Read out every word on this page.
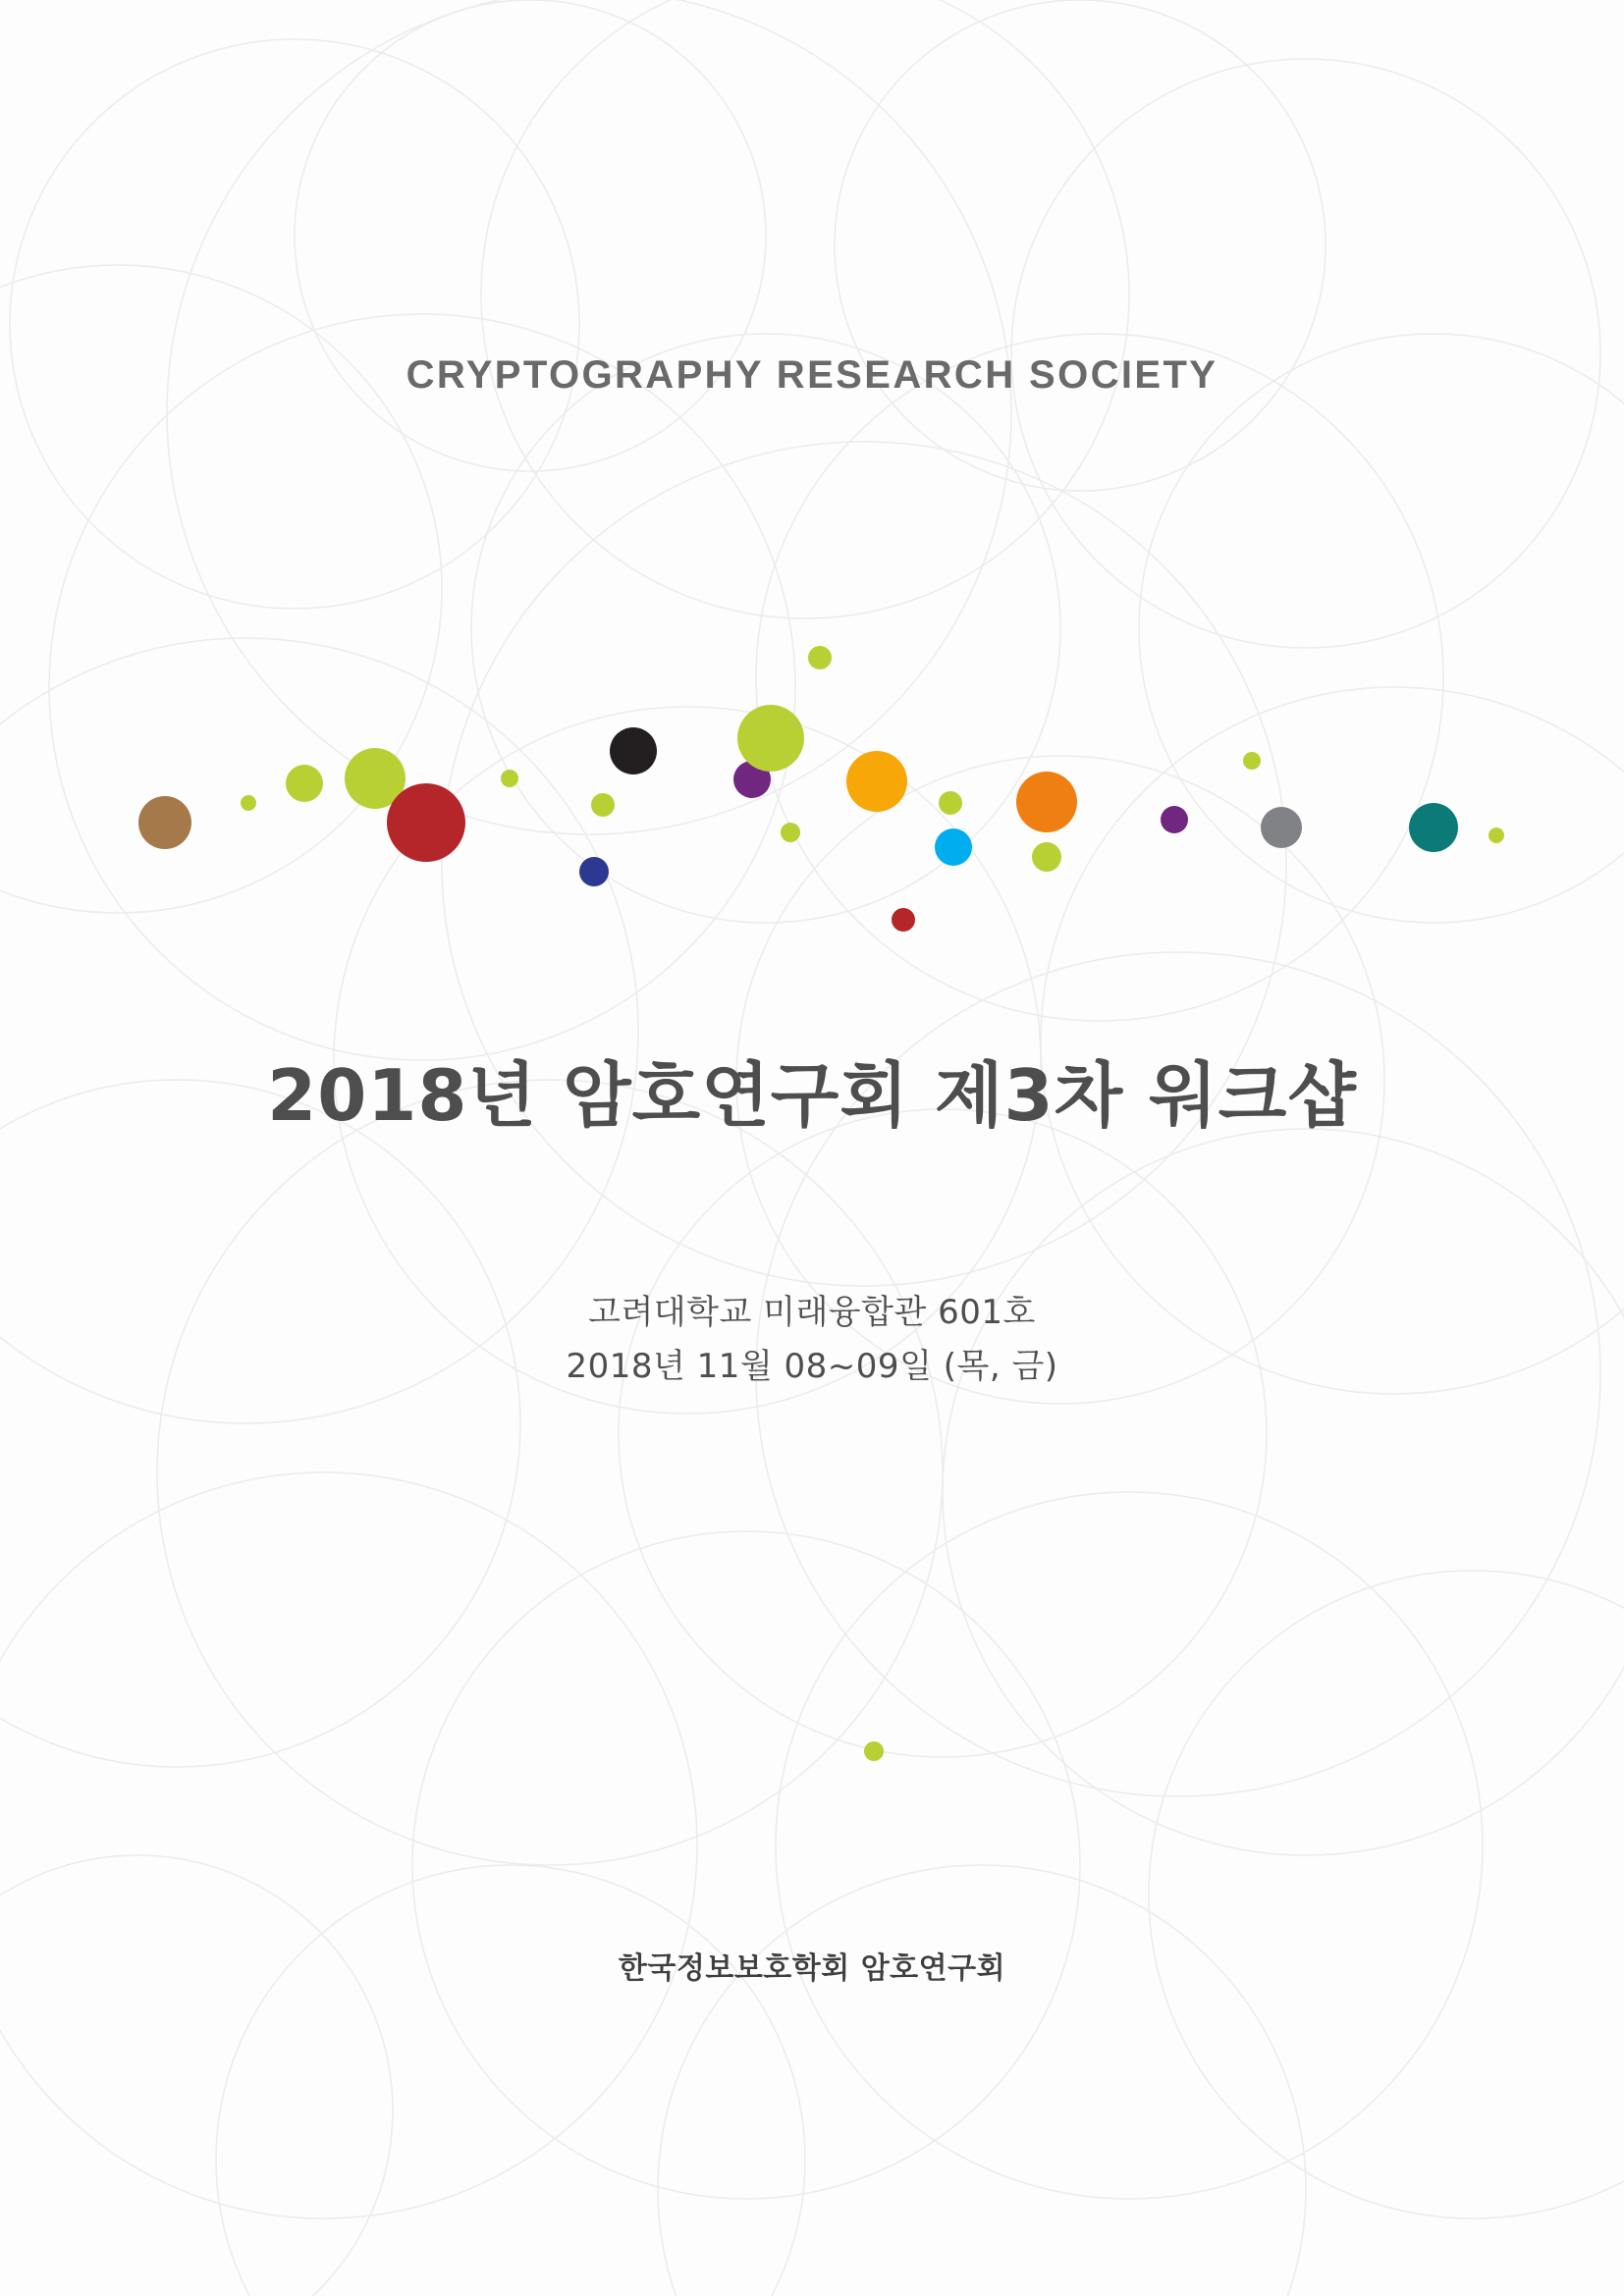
CRYPTOGRAPHY RESEARCH SOCIETY
2018년 암호연구회 제3차 워크샵
고려대학교 미래융합관 601호
2018년 11월 08~09일 (목, 금)
한국정보보호학회 암호연구회
